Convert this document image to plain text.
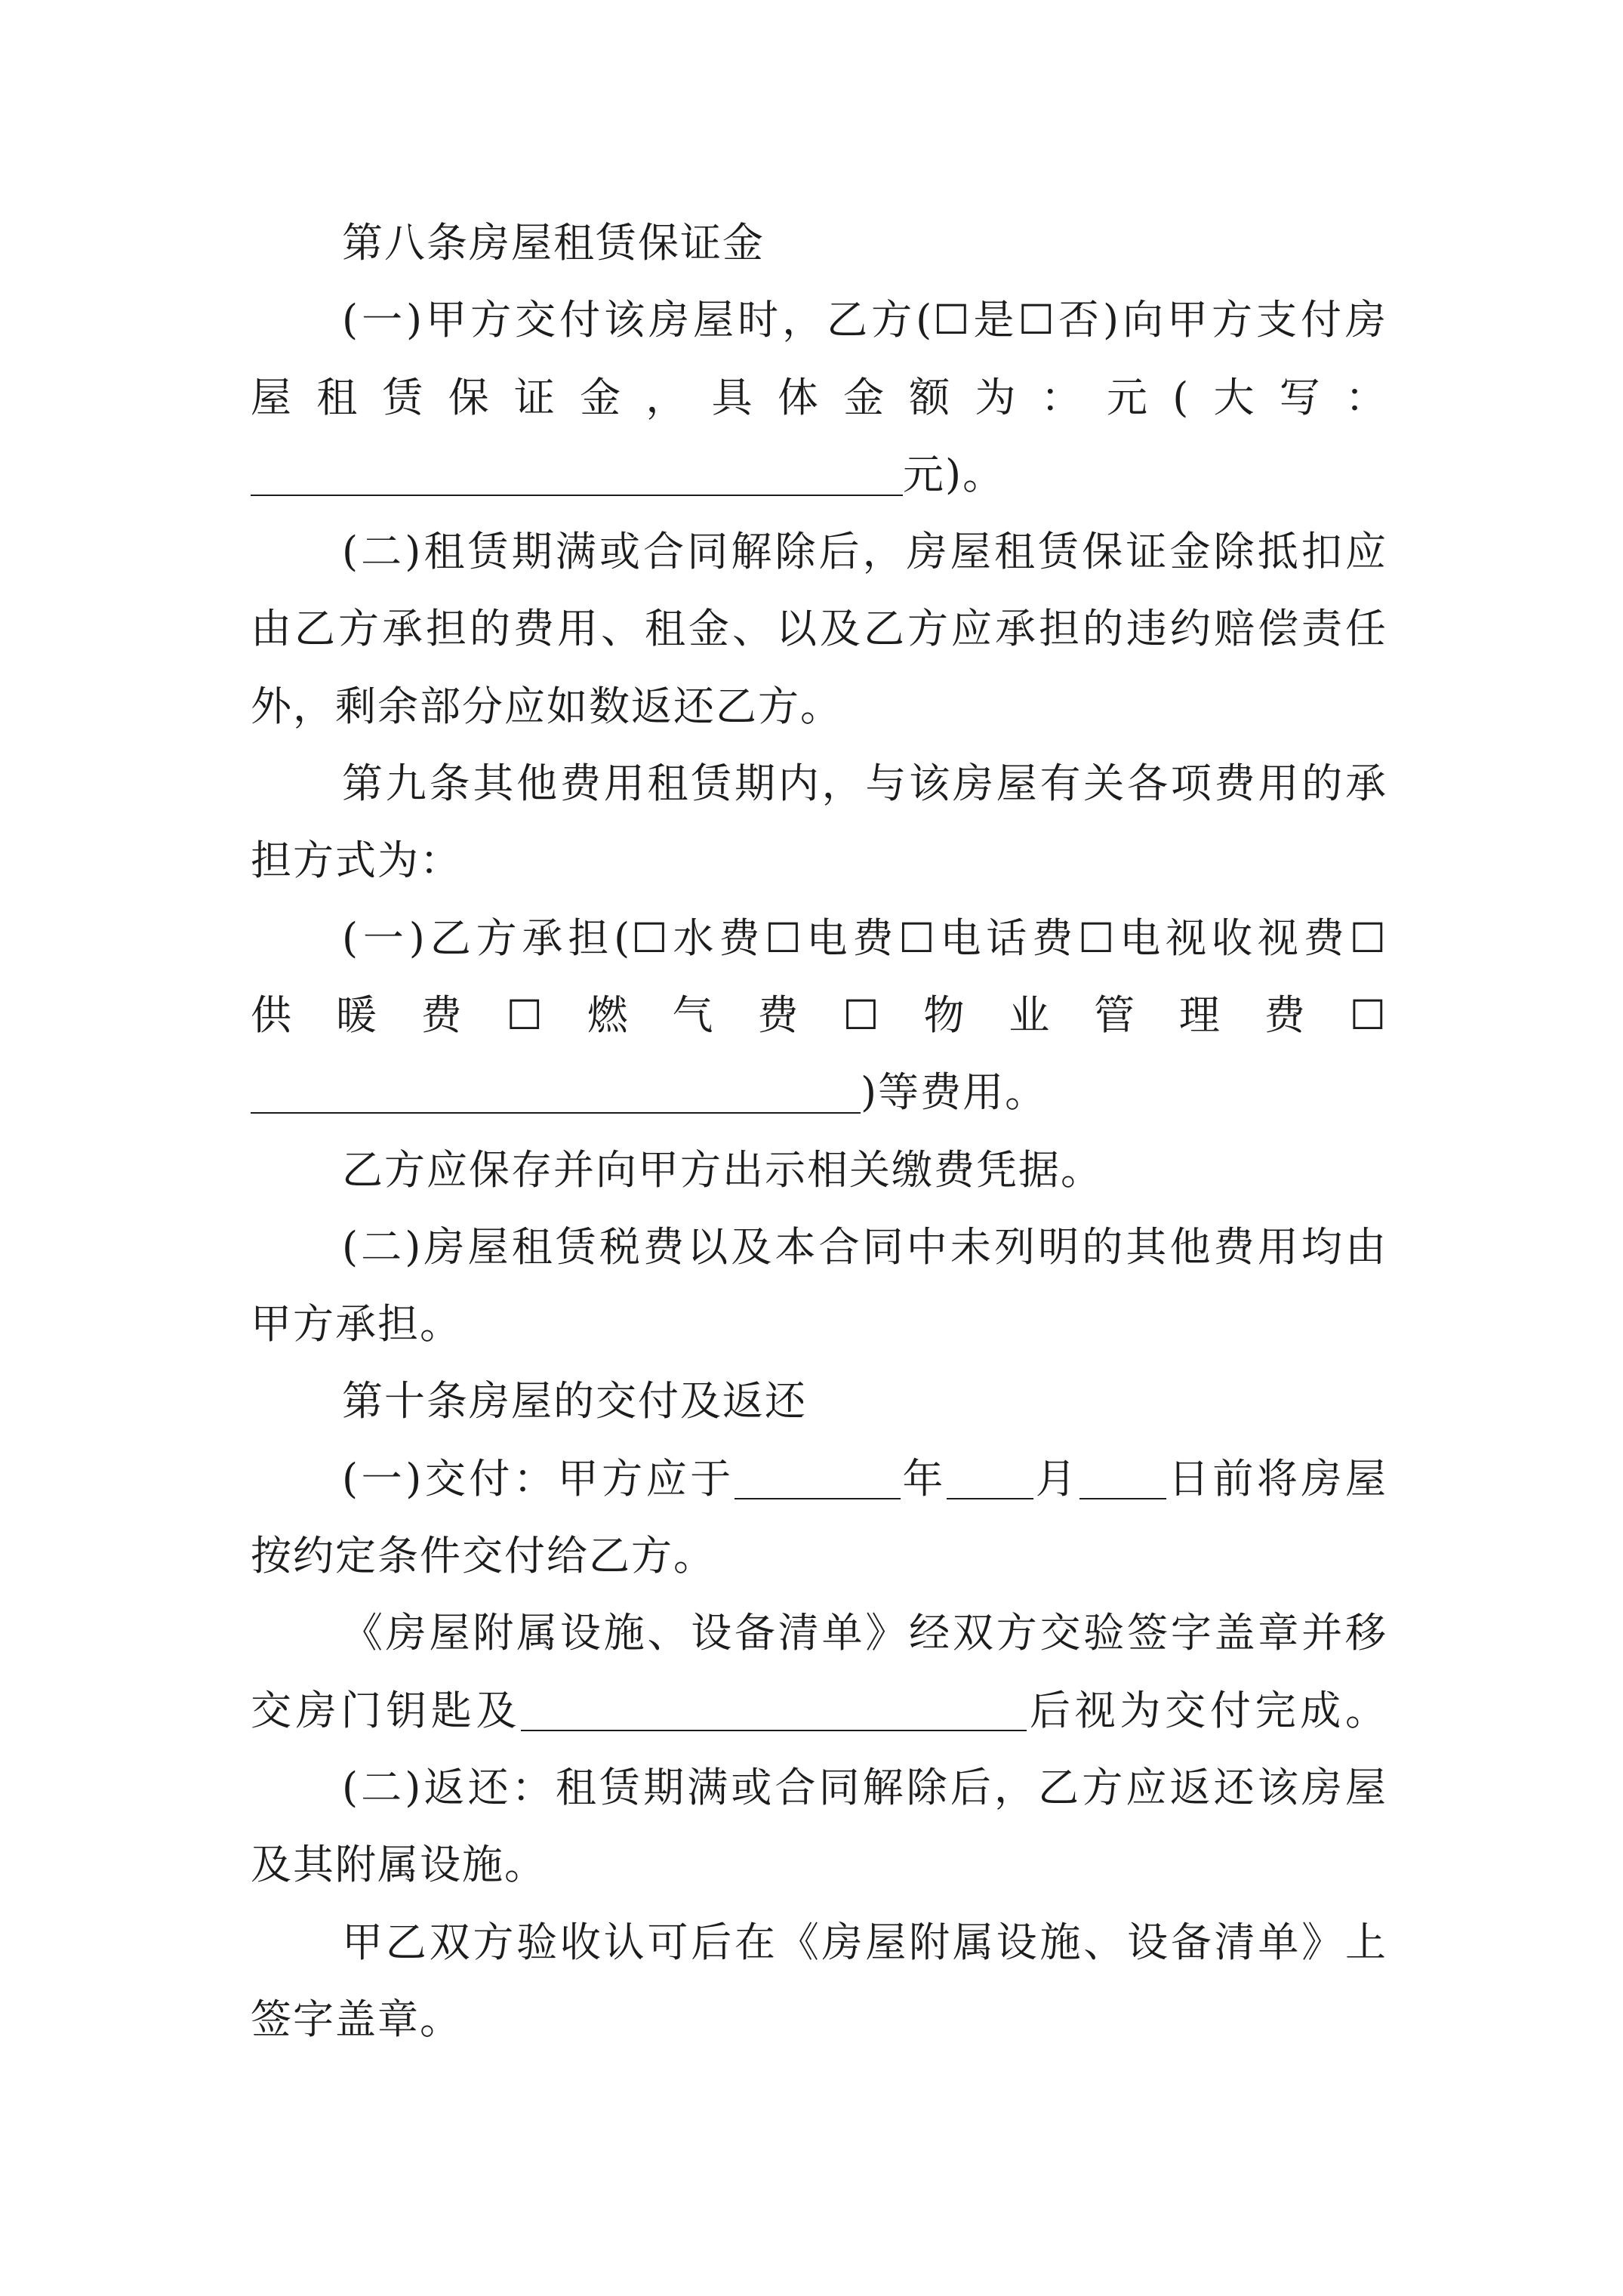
第八条房屋租赁保证金
(一)甲方交付该房屋时，乙方(☐是☐否)向甲方支付房
屋租赁保证金，具体金额为：元(大写：
元)。
(二)租赁期满或合同解除后，房屋租赁保证金除抵扣应
由乙方承担的费用、租金、以及乙方应承担的违约赔偿责任
外，剩余部分应如数返还乙方。
第九条其他费用租赁期内，与该房屋有关各项费用的承
担方式为：
(一)乙方承担(☐水费☐电费☐电话费☐电视收视费☐
供暖费☐燃气费☐物业管理费☐
)等费用。
乙方应保存并向甲方出示相关缴费凭据。
(二)房屋租赁税费以及本合同中未列明的其他费用均由
甲方承担。
第十条房屋的交付及返还
(一)交付：甲方应于	年 月 日前将房屋
按约定条件交付给乙方。
《房屋附属设施、设备清单》经双方交验签字盖章并移
交房门钥匙及	后视为交付完成。
(二)返还：租赁期满或合同解除后，乙方应返还该房屋
及其附属设施。
甲乙双方验收认可后在《房屋附属设施、设备清单》上
签字盖章。
